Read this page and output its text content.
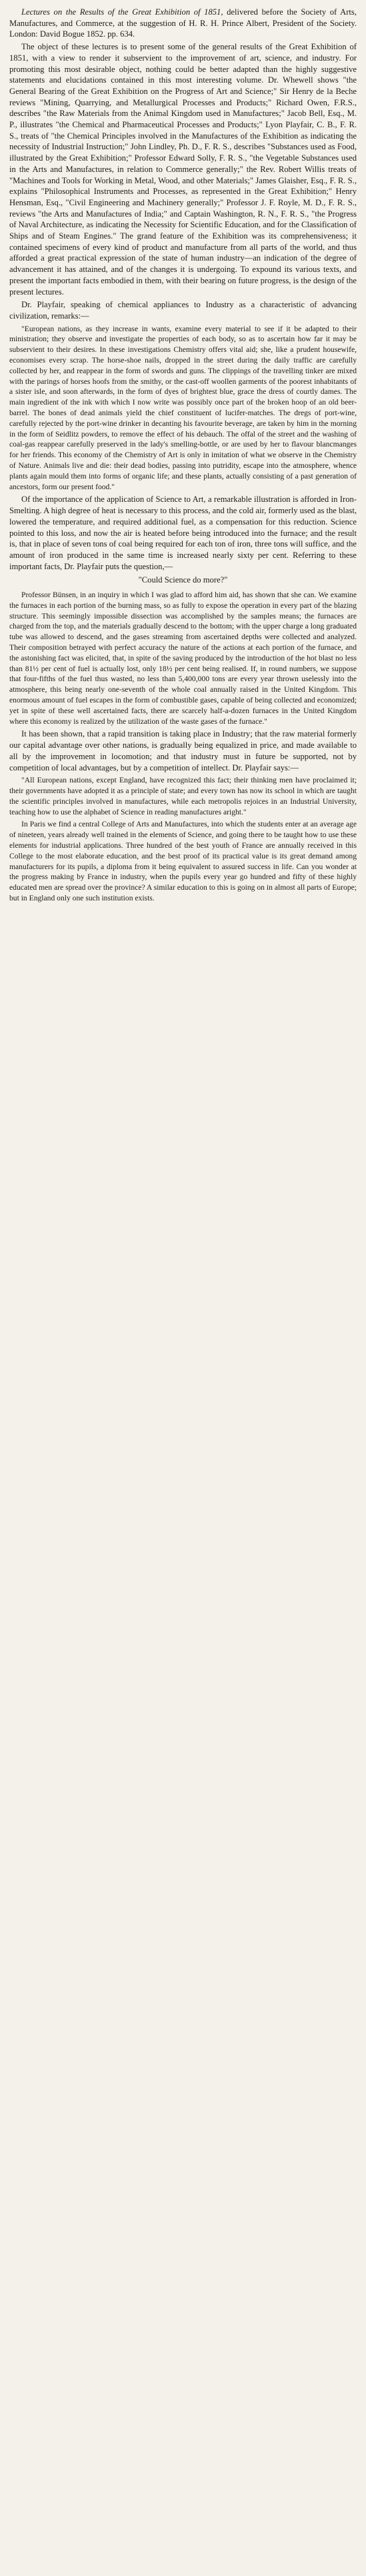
Lectures on the Results of the Great Exhibition of 1851, delivered before the Society of Arts, Manufactures, and Commerce, at the suggestion of H. R. H. Prince Albert, President of the Society. London: David Bogue 1852. pp. 634.

The object of these lectures is to present some of the general results of the Great Exhibition of 1851, with a view to render it subservient to the improvement of art, science, and industry. For promoting this most desirable object, nothing could be better adapted than the highly suggestive statements and elucidations contained in this most interesting volume. Dr. Whewell shows "the General Bearing of the Great Exhibition on the Progress of Art and Science;" Sir Henry de la Beche reviews "Mining, Quarrying, and Metallurgical Processes and Products;" Richard Owen, F.R.S., describes "the Raw Materials from the Animal Kingdom used in Manufactures;" Jacob Bell, Esq., M. P., illustrates "the Chemical and Pharmaceutical Processes and Products;" Lyon Playfair, C. B., F. R. S., treats of "the Chemical Principles involved in the Manufactures of the Exhibition as indicating the necessity of Industrial Instruction;" John Lindley, Ph. D., F. R. S., describes "Substances used as Food, illustrated by the Great Exhibition;" Professor Edward Solly, F. R. S., "the Vegetable Substances used in the Arts and Manufactures, in relation to Commerce generally;" the Rev. Robert Willis treats of "Machines and Tools for Working in Metal, Wood, and other Materials;" James Glaisher, Esq., F. R. S., explains "Philosophical Instruments and Processes, as represented in the Great Exhibition;" Henry Hensman, Esq., "Civil Engineering and Machinery generally;" Professor J. F. Royle, M. D., F. R. S., reviews "the Arts and Manufactures of India;" and Captain Washington, R. N., F. R. S., "the Progress of Naval Architecture, as indicating the Necessity for Scientific Education, and for the Classification of Ships and of Steam Engines." The grand feature of the Exhibition was its comprehensiveness; it contained specimens of every kind of product and manufacture from all parts of the world, and thus afforded a great practical expression of the state of human industry—an indication of the degree of advancement it has attained, and of the changes it is undergoing. To expound its various texts, and present the important facts embodied in them, with their bearing on future progress, is the design of the present lectures.

Dr. Playfair, speaking of chemical appliances to Industry as a characteristic of advancing civilization, remarks:—

"European nations, as they increase in wants, examine every material to see if it be adapted to their ministration; they observe and investigate the properties of each body, so as to ascertain how far it may be subservient to their desires. In these investigations Chemistry offers vital aid; she, like a prudent housewife, economises every scrap. The horse-shoe nails, dropped in the street during the daily traffic are carefully collected by her, and reappear in the form of swords and guns. The clippings of the travelling tinker are mixed with the parings of horses hoofs from the smithy, or the cast-off woollen garments of the poorest inhabitants of a sister isle, and soon afterwards, in the form of dyes of brightest blue, grace the dress of courtly dames. The main ingredient of the ink with which I now write was possibly once part of the broken hoop of an old beer-barrel. The bones of dead animals yield the chief constituent of lucifer-matches. The dregs of port-wine, carefully rejected by the port-wine drinker in decanting his favourite beverage, are taken by him in the morning in the form of Seidlitz powders, to remove the effect of his debauch. The offal of the street and the washing of coal-gas reappear carefully preserved in the lady's smelling-bottle, or are used by her to flavour blancmanges for her friends. This economy of the Chemistry of Art is only in imitation of what we observe in the Chemistry of Nature. Animals live and die: their dead bodies, passing into putridity, escape into the atmosphere, whence plants again mould them into forms of organic life; and these plants, actually consisting of a past generation of ancestors, form our present food."

Of the importance of the application of Science to Art, a remarkable illustration is afforded in Iron-Smelting. A high degree of heat is necessary to this process, and the cold air, formerly used as the blast, lowered the temperature, and required additional fuel, as a compensation for this reduction. Science pointed to this loss, and now the air is heated before being introduced into the furnace; and the result is, that in place of seven tons of coal being required for each ton of iron, three tons will suffice, and the amount of iron produced in the same time is increased nearly sixty per cent. Referring to these important facts, Dr. Playfair puts the question,—

"Could Science do more?"

Professor Bünsen, in an inquiry in which I was glad to afford him aid, has shown that she can. We examine the furnaces in each portion of the burning mass, so as fully to expose the operation in every part of the blazing structure. This seemingly impossible dissection was accomplished by the samples means; the furnaces are charged from the top, and the materials gradually descend to the bottom; with the upper charge a long graduated tube was allowed to descend, and the gases streaming from ascertained depths were collected and analyzed. Their composition betrayed with perfect accuracy the nature of the actions at each portion of the furnace, and the astonishing fact was elicited, that, in spite of the saving produced by the introduction of the hot blast no less than 81½ per cent of fuel is actually lost, only 18½ per cent being realised. If, in round numbers, we suppose that four-fifths of the fuel thus wasted, no less than 5,400,000 tons are every year thrown uselessly into the atmosphere, this being nearly one-seventh of the whole coal annually raised in the United Kingdom. This enormous amount of fuel escapes in the form of combustible gases, capable of being collected and economized; yet in spite of these well ascertained facts, there are scarcely half-a-dozen furnaces in the United Kingdom where this economy is realized by the utilization of the waste gases of the furnace."

It has been shown, that a rapid transition is taking place in Industry; that the raw material formerly our capital advantage over other nations, is gradually being equalized in price, and made available to all by the improvement in locomotion; and that industry must in future be supported, not by competition of local advantages, but by a competition of intellect. Dr. Playfair says:—

"All European nations, except England, have recognized this fact; their thinking men have proclaimed it; their governments have adopted it as a principle of state; and every town has now its school in which are taught the scientific principles involved in manufactures, while each metropolis rejoices in an Industrial University, teaching how to use the alphabet of Science in reading manufactures aright."

In Paris we find a central College of Arts and Manufactures, into which the students enter at an average age of nineteen, years already well trained in the elements of Science, and going there to be taught how to use these elements for industrial applications. Three hundred of the best youth of France are annually received in this College to the most elaborate education, and the best proof of its practical value is its great demand among manufacturers for its pupils, a diploma from it being equivalent to assured success in life. Can you wonder at the progress making by France in industry, when the pupils every year go hundred and fifty of these highly educated men are spread over the province? A similar education to this is going on in almost all parts of Europe; but in England only one such institution exists.
